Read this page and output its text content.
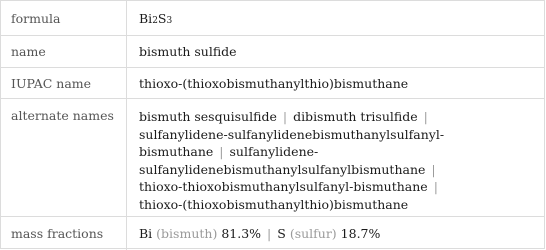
formula	Bi 2 S 3
name	bismuth sulfide
IUPAC name	thioxo-(thioxobismuthanylthio)bismuthane
alternate names	bismuth sesquisulfide | dibismuth trisulfide |
sulfanylidene-sulfanylidenebismuthanylsulfanyl-
bismuthane | sulfanylidene-
sulfanylidenebismuthanylsulfanylbismuthane |
thioxo-thioxobismuthanylsulfanyl-bismuthane |
thioxo-(thioxobismuthanylthio)bismuthane
mass fractions	Bi
(bismuth)
81.3% | S
(sulfur)
18.7%
